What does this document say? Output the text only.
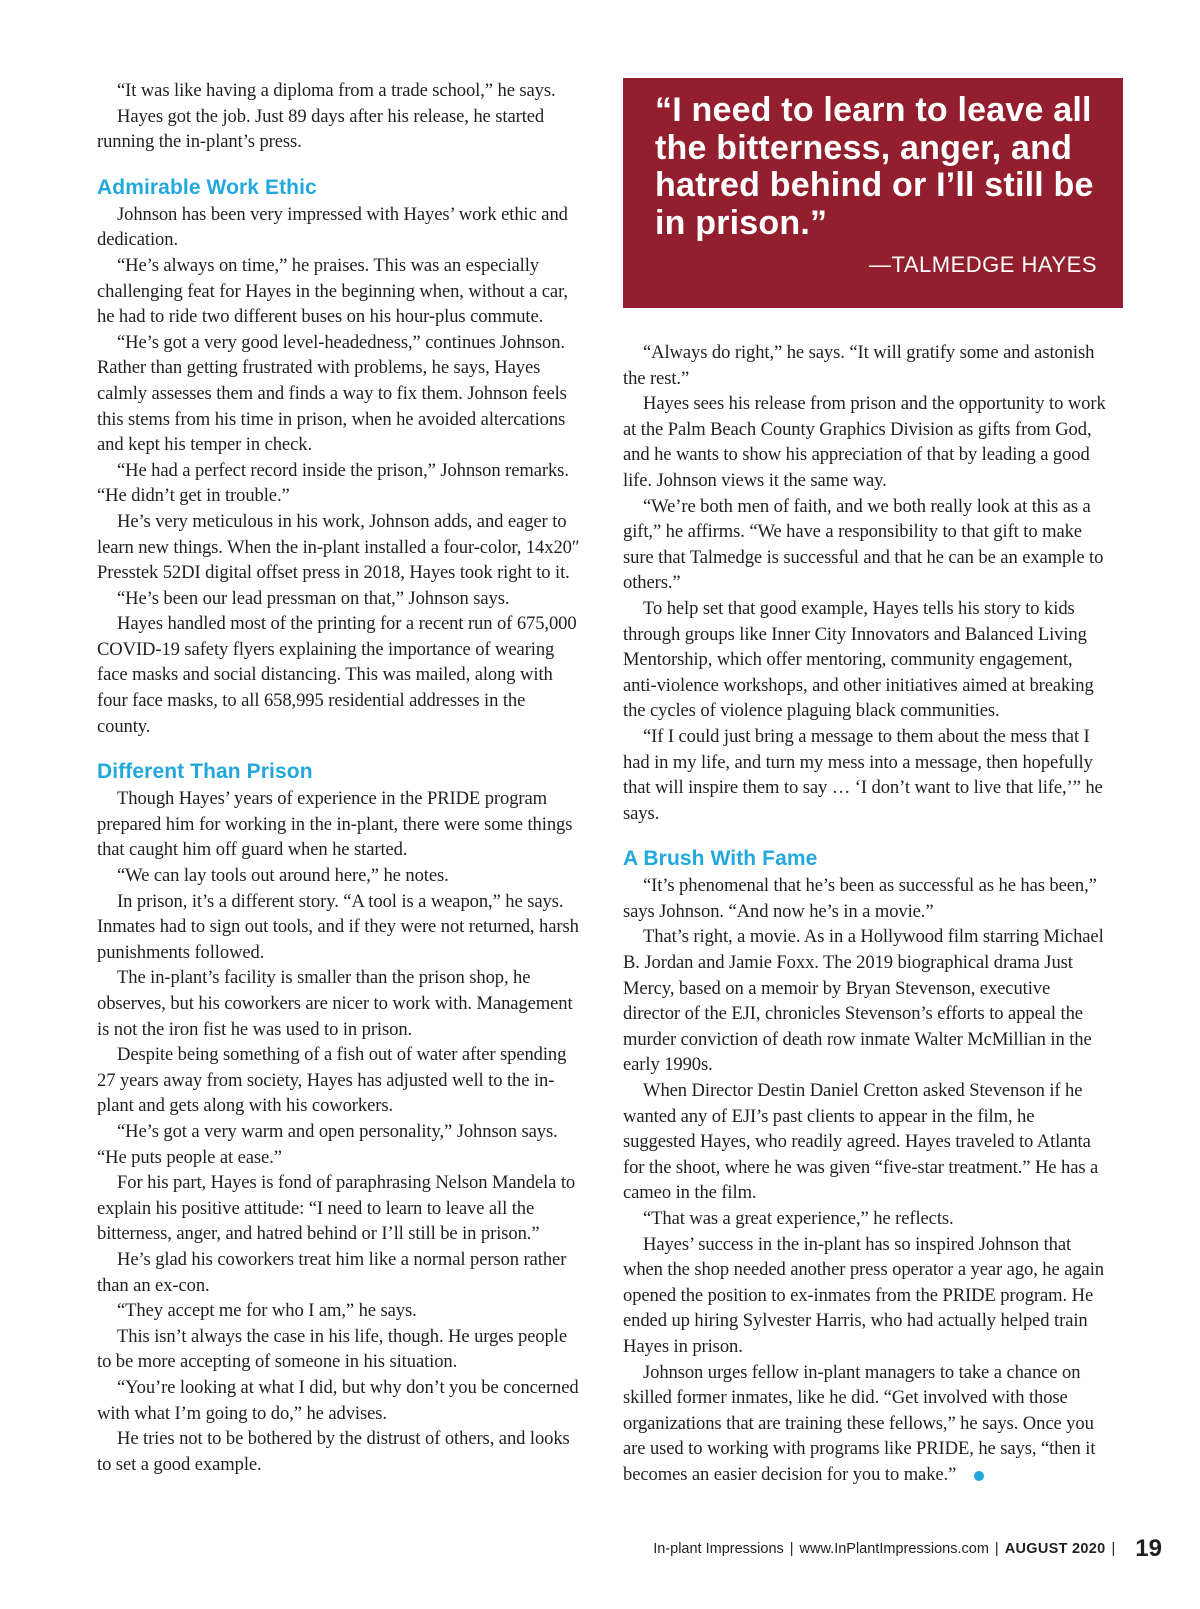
“It was like having a diploma from a trade school,” he says.

Hayes got the job. Just 89 days after his release, he started running the in-plant’s press.

Admirable Work Ethic

Johnson has been very impressed with Hayes’ work ethic and dedication.

“He’s always on time,” he praises. This was an especially challenging feat for Hayes in the beginning when, without a car, he had to ride two different buses on his hour-plus commute.

“He’s got a very good level-headedness,” continues Johnson. Rather than getting frustrated with problems, he says, Hayes calmly assesses them and finds a way to fix them. Johnson feels this stems from his time in prison, when he avoided altercations and kept his temper in check.

“He had a perfect record inside the prison,” Johnson remarks. “He didn’t get in trouble.”

He’s very meticulous in his work, Johnson adds, and eager to learn new things. When the in-plant installed a four-color, 14x20″ Presstek 52DI digital offset press in 2018, Hayes took right to it.

“He’s been our lead pressman on that,” Johnson says.

Hayes handled most of the printing for a recent run of 675,000 COVID-19 safety flyers explaining the importance of wearing face masks and social distancing. This was mailed, along with four face masks, to all 658,995 residential addresses in the county.

Different Than Prison

Though Hayes’ years of experience in the PRIDE program prepared him for working in the in-plant, there were some things that caught him off guard when he started.

“We can lay tools out around here,” he notes.

In prison, it’s a different story. “A tool is a weapon,” he says. Inmates had to sign out tools, and if they were not returned, harsh punishments followed.

The in-plant’s facility is smaller than the prison shop, he observes, but his coworkers are nicer to work with. Management is not the iron fist he was used to in prison.

Despite being something of a fish out of water after spending 27 years away from society, Hayes has adjusted well to the in-plant and gets along with his coworkers.

“He’s got a very warm and open personality,” Johnson says. “He puts people at ease.”

For his part, Hayes is fond of paraphrasing Nelson Mandela to explain his positive attitude: “I need to learn to leave all the bitterness, anger, and hatred behind or I’ll still be in prison.”

He’s glad his coworkers treat him like a normal person rather than an ex-con.

“They accept me for who I am,” he says.

This isn’t always the case in his life, though. He urges people to be more accepting of someone in his situation.

“You’re looking at what I did, but why don’t you be concerned with what I’m going to do,” he advises.

He tries not to be bothered by the distrust of others, and looks to set a good example.

“I need to learn to leave all the bitterness, anger, and hatred behind or I’ll still be in prison.”

—TALMEDGE HAYES

“Always do right,” he says. “It will gratify some and astonish the rest.”

Hayes sees his release from prison and the opportunity to work at the Palm Beach County Graphics Division as gifts from God, and he wants to show his appreciation of that by leading a good life. Johnson views it the same way.

“We’re both men of faith, and we both really look at this as a gift,” he affirms. “We have a responsibility to that gift to make sure that Talmedge is successful and that he can be an example to others.”

To help set that good example, Hayes tells his story to kids through groups like Inner City Innovators and Balanced Living Mentorship, which offer mentoring, community engagement, anti-violence workshops, and other initiatives aimed at breaking the cycles of violence plaguing black communities.

“If I could just bring a message to them about the mess that I had in my life, and turn my mess into a message, then hopefully that will inspire them to say … ‘I don’t want to live that life,’” he says.

A Brush With Fame

“It’s phenomenal that he’s been as successful as he has been,” says Johnson. “And now he’s in a movie.”

That’s right, a movie. As in a Hollywood film starring Michael B. Jordan and Jamie Foxx. The 2019 biographical drama Just Mercy, based on a memoir by Bryan Stevenson, executive director of the EJI, chronicles Stevenson’s efforts to appeal the murder conviction of death row inmate Walter McMillian in the early 1990s.

When Director Destin Daniel Cretton asked Stevenson if he wanted any of EJI’s past clients to appear in the film, he suggested Hayes, who readily agreed. Hayes traveled to Atlanta for the shoot, where he was given “five-star treatment.” He has a cameo in the film.

“That was a great experience,” he reflects.

Hayes’ success in the in-plant has so inspired Johnson that when the shop needed another press operator a year ago, he again opened the position to ex-inmates from the PRIDE program. He ended up hiring Sylvester Harris, who had actually helped train Hayes in prison.

Johnson urges fellow in-plant managers to take a chance on skilled former inmates, like he did. “Get involved with those organizations that are training these fellows,” he says. Once you are used to working with programs like PRIDE, he says, “then it becomes an easier decision for you to make.”

In-plant Impressions | www.InPlantImpressions.com | AUGUST 2020 | 19
